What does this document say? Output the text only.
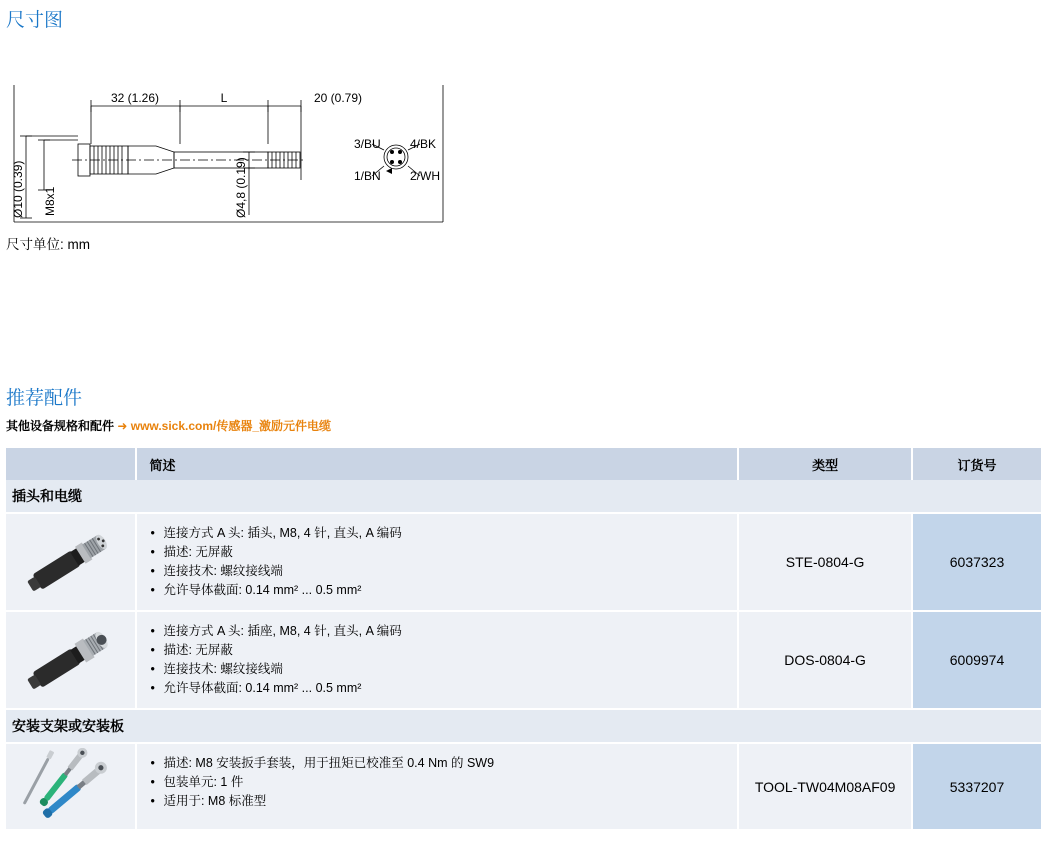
尺寸图
32 (1.26)	L	20 (0.79)
3/BU 4/BK
1/BN 2/WH
Ø10 (0.39) M8x1	Ø4,8 (0.19)
尺寸单位: mm
推荐配件
其他设备规格和配件 ➜ www.sick.com/传感器_激励元件电缆
	简述	类型	订货号
插头和电缆			

• 连接方式 A 头: 插头, M8, 4 针, 直头, A 编码
• 描述: 无屏蔽
• 连接技术: 螺纹接线端
• 允许导体截面: 0.14 mm² ... 0.5 mm²
	STE-0804-G	6037323

• 连接方式 A 头: 插座, M8, 4 针, 直头, A 编码
• 描述: 无屏蔽
• 连接技术: 螺纹接线端
• 允许导体截面: 0.14 mm² ... 0.5 mm²
	DOS-0804-G	6009974
安装支架或安装板			

• 描述: M8 安装扳手套装，用于扭矩已校准至 0.4 Nm 的 SW9
• 包装单元: 1 件
• 适用于: M8 标准型
	TOOL-TW04M08AF09	5337207
